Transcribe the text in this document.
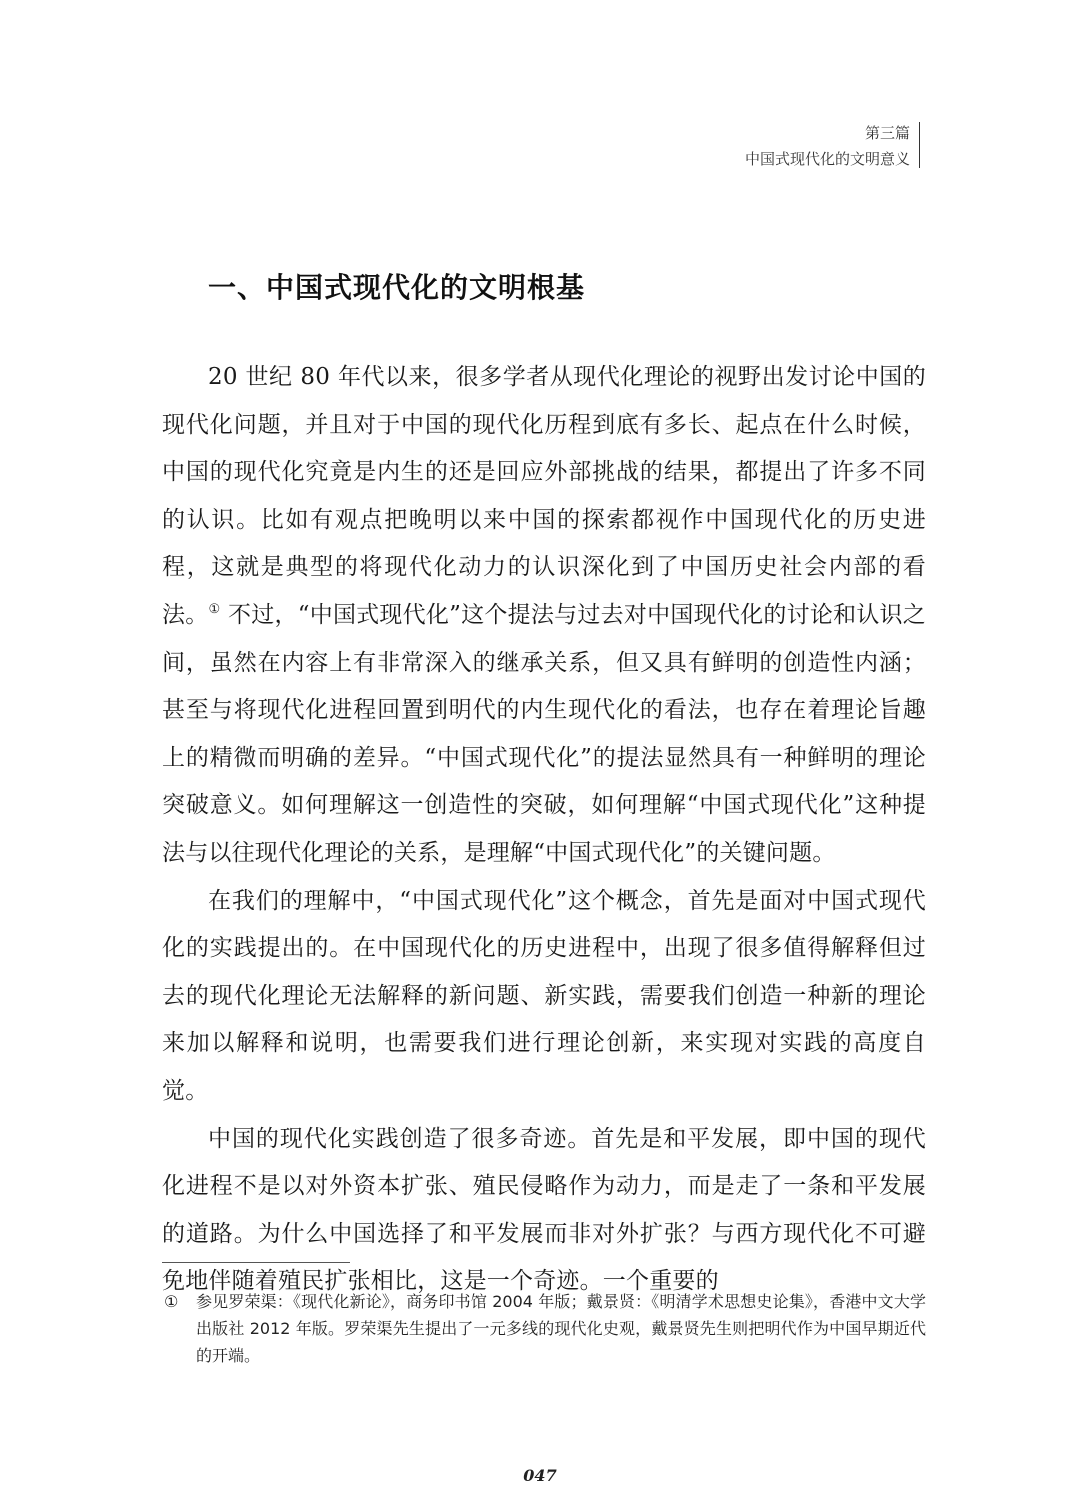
第三篇
中国式现代化的文明意义
一、中国式现代化的文明根基

20 世纪 80 年代以来，很多学者从现代化理论的视野出发讨论中国的现代化问题，并且对于中国的现代化历程到底有多长、起点在什么时候，中国的现代化究竟是内生的还是回应外部挑战的结果，都提出了许多不同的认识。比如有观点把晚明以来中国的探索都视作中国现代化的历史进程，这就是典型的将现代化动力的认识深化到了中国历史社会内部的看法。① 不过，“中国式现代化”这个提法与过去对中国现代化的讨论和认识之间，虽然在内容上有非常深入的继承关系，但又具有鲜明的创造性内涵；甚至与将现代化进程回置到明代的内生现代化的看法，也存在着理论旨趣上的精微而明确的差异。“中国式现代化”的提法显然具有一种鲜明的理论突破意义。如何理解这一创造性的突破，如何理解“中国式现代化”这种提法与以往现代化理论的关系，是理解“中国式现代化”的关键问题。

在我们的理解中，“中国式现代化”这个概念，首先是面对中国式现代化的实践提出的。在中国现代化的历史进程中，出现了很多值得解释但过去的现代化理论无法解释的新问题、新实践，需要我们创造一种新的理论来加以解释和说明，也需要我们进行理论创新，来实现对实践的高度自觉。

中国的现代化实践创造了很多奇迹。首先是和平发展，即中国的现代化进程不是以对外资本扩张、殖民侵略作为动力，而是走了一条和平发展的道路。为什么中国选择了和平发展而非对外扩张？与西方现代化不可避免地伴随着殖民扩张相比，这是一个奇迹。一个重要的

① 参见罗荣渠：《现代化新论》，商务印书馆 2004 年版；戴景贤：《明清学术思想史论集》，香港中文大学出版社 2012 年版。罗荣渠先生提出了一元多线的现代化史观，戴景贤先生则把明代作为中国早期近代的开端。
047
